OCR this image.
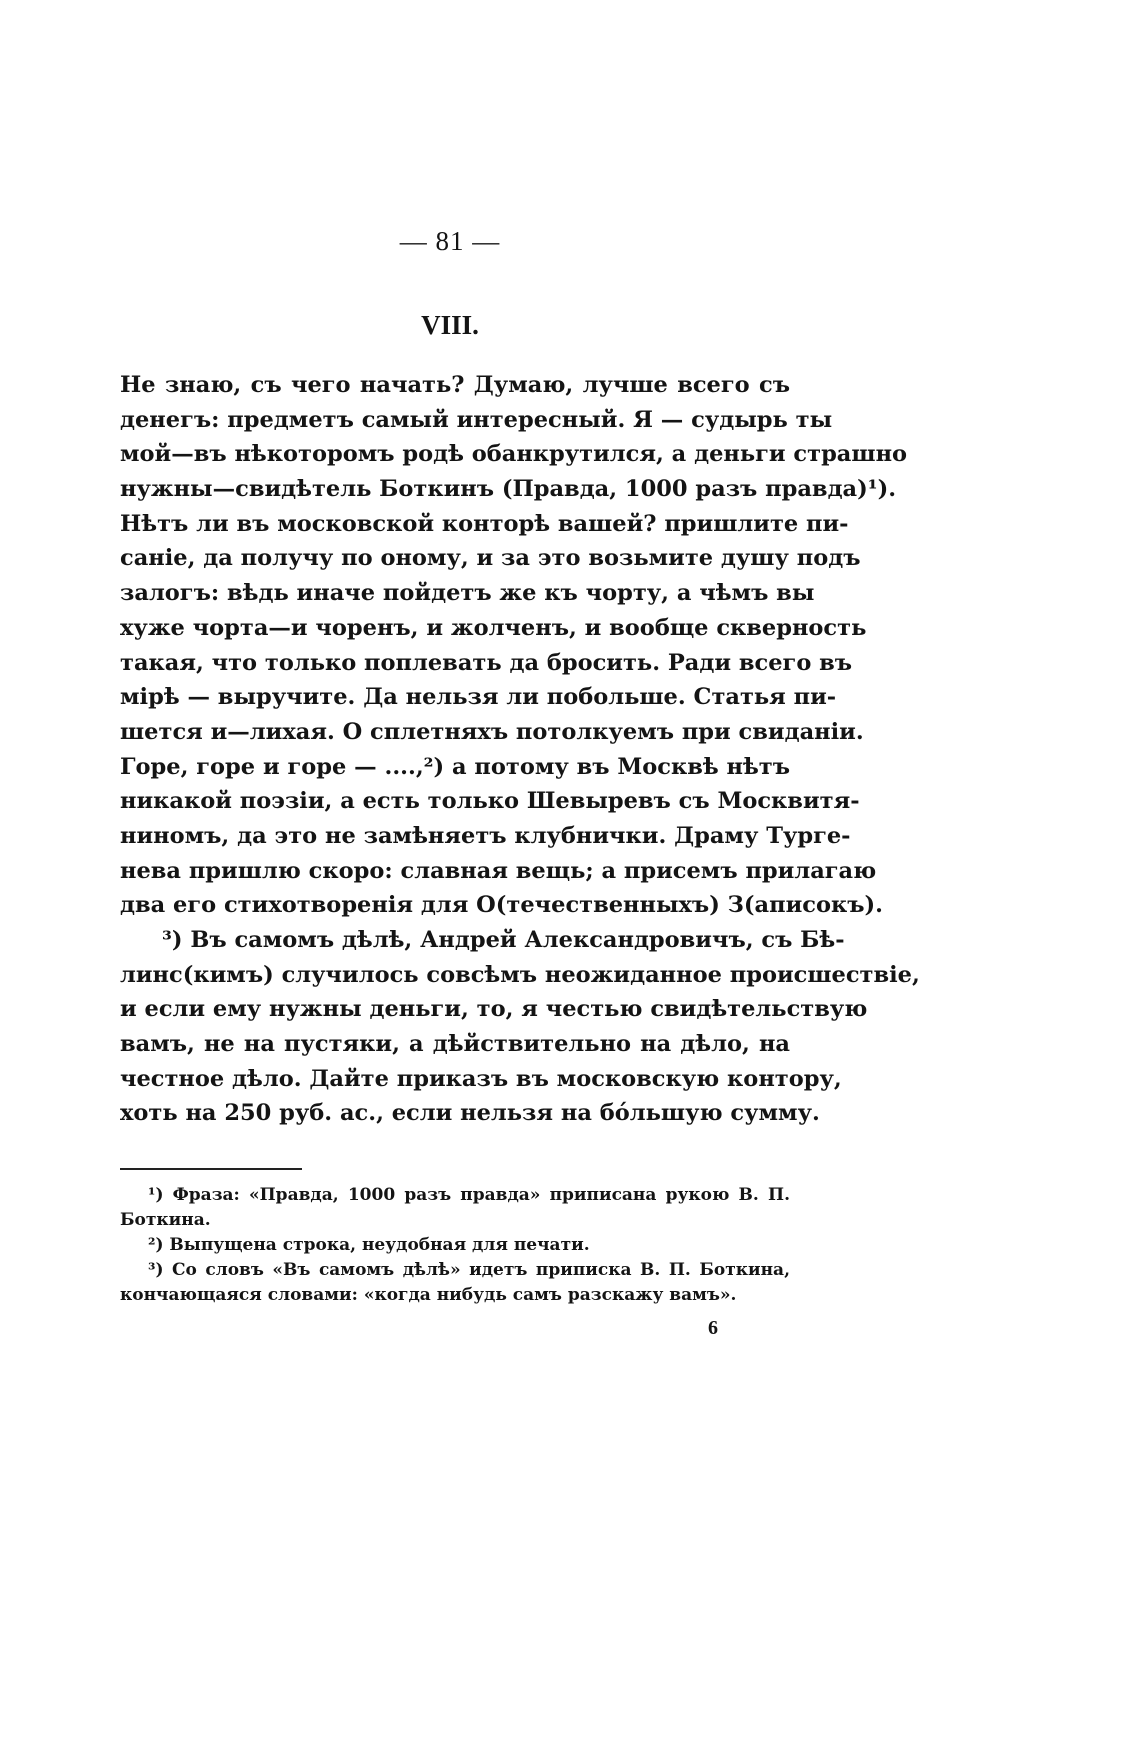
— 81 —
VIII.
Не знаю, съ чего начать? Думаю, лучше всего съ
денегъ: предметъ самый интересный. Я — судырь ты
мой—въ нѣкоторомъ родѣ обанкрутился, а деньги страшно
нужны—свидѣтель Боткинъ (Правда, 1000 разъ правда)¹).
Нѣтъ ли въ московской конторѣ вашей? пришлите пи-
саніе, да получу по оному, и за это возьмите душу подъ
залогъ: вѣдь иначе пойдетъ же къ чорту, а чѣмъ вы
хуже чорта—и чоренъ, и жолченъ, и вообще скверность
такая, что только поплевать да бросить. Ради всего въ
мірѣ — выручите. Да нельзя ли побольше. Статья пи-
шется и—лихая. О сплетняхъ потолкуемъ при свиданіи.
Горе, горе и горе — ....,²) а потому въ Москвѣ нѣтъ
никакой поэзіи, а есть только Шевыревъ съ Москвитя-
ниномъ, да это не замѣняетъ клубнички. Драму Турге-
нева пришлю скоро: славная вещь; а присемъ прилагаю
два его стихотворенія для О(течественныхъ) З(аписокъ).
³) Въ самомъ дѣлѣ, Андрей Александровичъ, съ Бѣ-
линс(кимъ) случилось совсѣмъ неожиданное происшествіе,
и если ему нужны деньги, то, я честью свидѣтельствую
вамъ, не на пустяки, а дѣйствительно на дѣло, на
честное дѣло. Дайте приказъ въ московскую контору,
хоть на 250 руб. ас., если нельзя на бо́льшую сумму.
¹) Фраза: «Правда, 1000 разъ правда» приписана рукою В. П.
Боткина.
²) Выпущена строка, неудобная для печати.
³) Со словъ «Въ самомъ дѣлѣ» идетъ приписка В. П. Боткина,
кончающаяся словами: «когда нибудь самъ разскажу вамъ».
6
